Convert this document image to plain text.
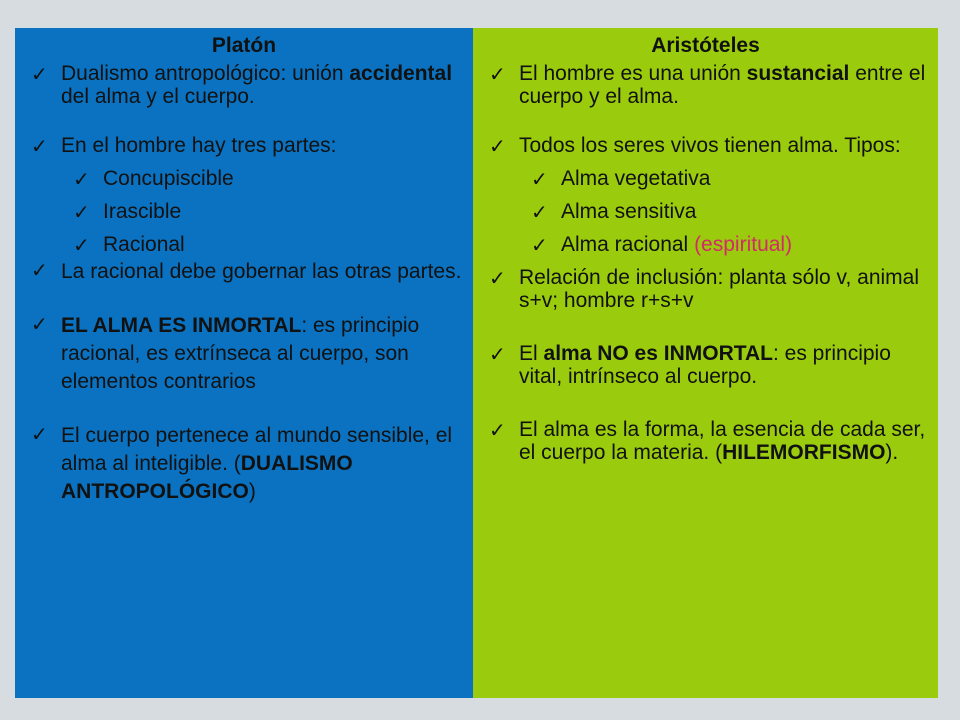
Platón
✓ Dualismo antropológico: unión accidental del alma y el cuerpo.
✓ En el hombre hay tres partes:
✓ Concupiscible
✓ Irascible
✓ Racional
✓ La racional debe gobernar las otras partes.
✓ EL ALMA ES INMORTAL: es principio racional, es extrínseca al cuerpo, son elementos contrarios
✓ El cuerpo pertenece al mundo sensible, el alma al inteligible. (DUALISMO ANTROPOLÓGICO)
Aristóteles
✓ El hombre es una unión sustancial entre el cuerpo y el alma.
✓ Todos los seres vivos tienen alma. Tipos:
✓ Alma vegetativa
✓ Alma sensitiva
✓ Alma racional (espiritual)
✓ Relación de inclusión: planta sólo v, animal s+v; hombre r+s+v
✓ El alma NO es INMORTAL: es principio vital, intrínseco al cuerpo.
✓ El alma es la forma, la esencia de cada ser, el cuerpo la materia. (HILEMORFISMO).
